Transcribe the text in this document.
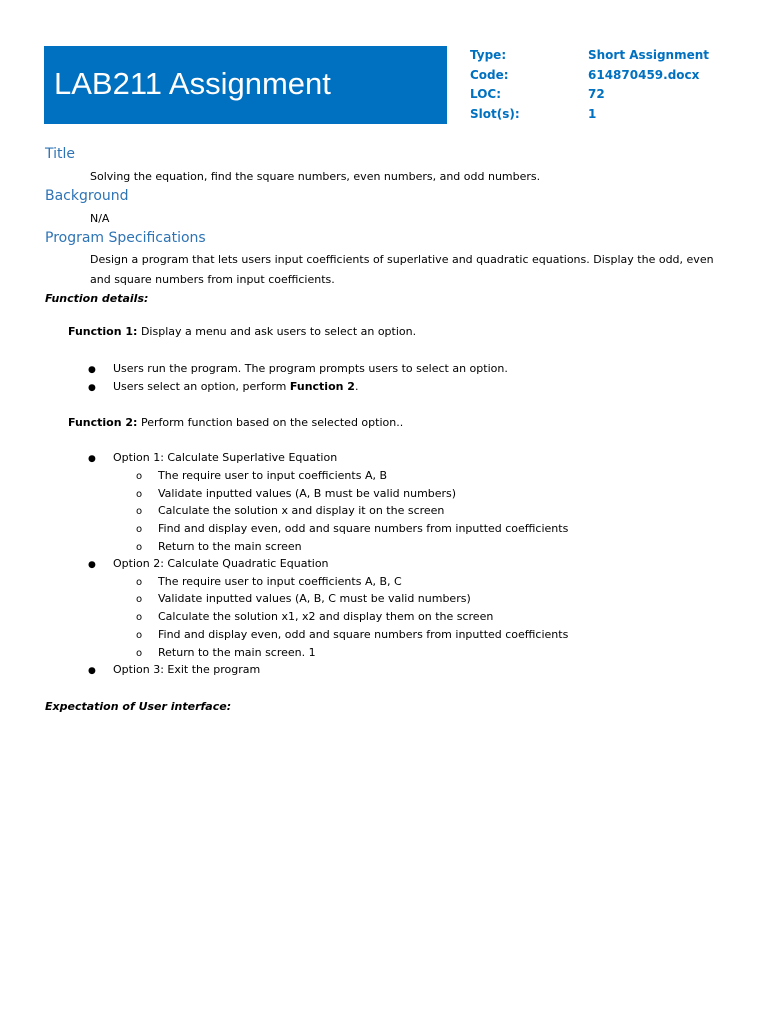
LAB211 Assignment
Type:	Short Assignment
Code:	614870459.docx
LOC:	72
Slot(s):	1
Title
Solving the equation, find the square numbers, even numbers, and odd numbers.
Background
N/A
Program Specifications
Design a program that lets users input coefficients of superlative and quadratic equations. Display the odd, even
and square numbers from input coefficients.
Function details:
Function 1: Display a menu and ask users to select an option.
● Users run the program. The program prompts users to select an option.
● Users select an option, perform Function 2.
Function 2: Perform function based on the selected option..
● Option 1: Calculate Superlative Equation
o The require user to input coefficients A, B
o Validate inputted values (A, B must be valid numbers)
o Calculate the solution x and display it on the screen
o Find and display even, odd and square numbers from inputted coefficients
o Return to the main screen
● Option 2: Calculate Quadratic Equation
o The require user to input coefficients A, B, C
o Validate inputted values (A, B, C must be valid numbers)
o Calculate the solution x1, x2 and display them on the screen
o Find and display even, odd and square numbers from inputted coefficients
o Return to the main screen. 1
● Option 3: Exit the program
Expectation of User interface:
